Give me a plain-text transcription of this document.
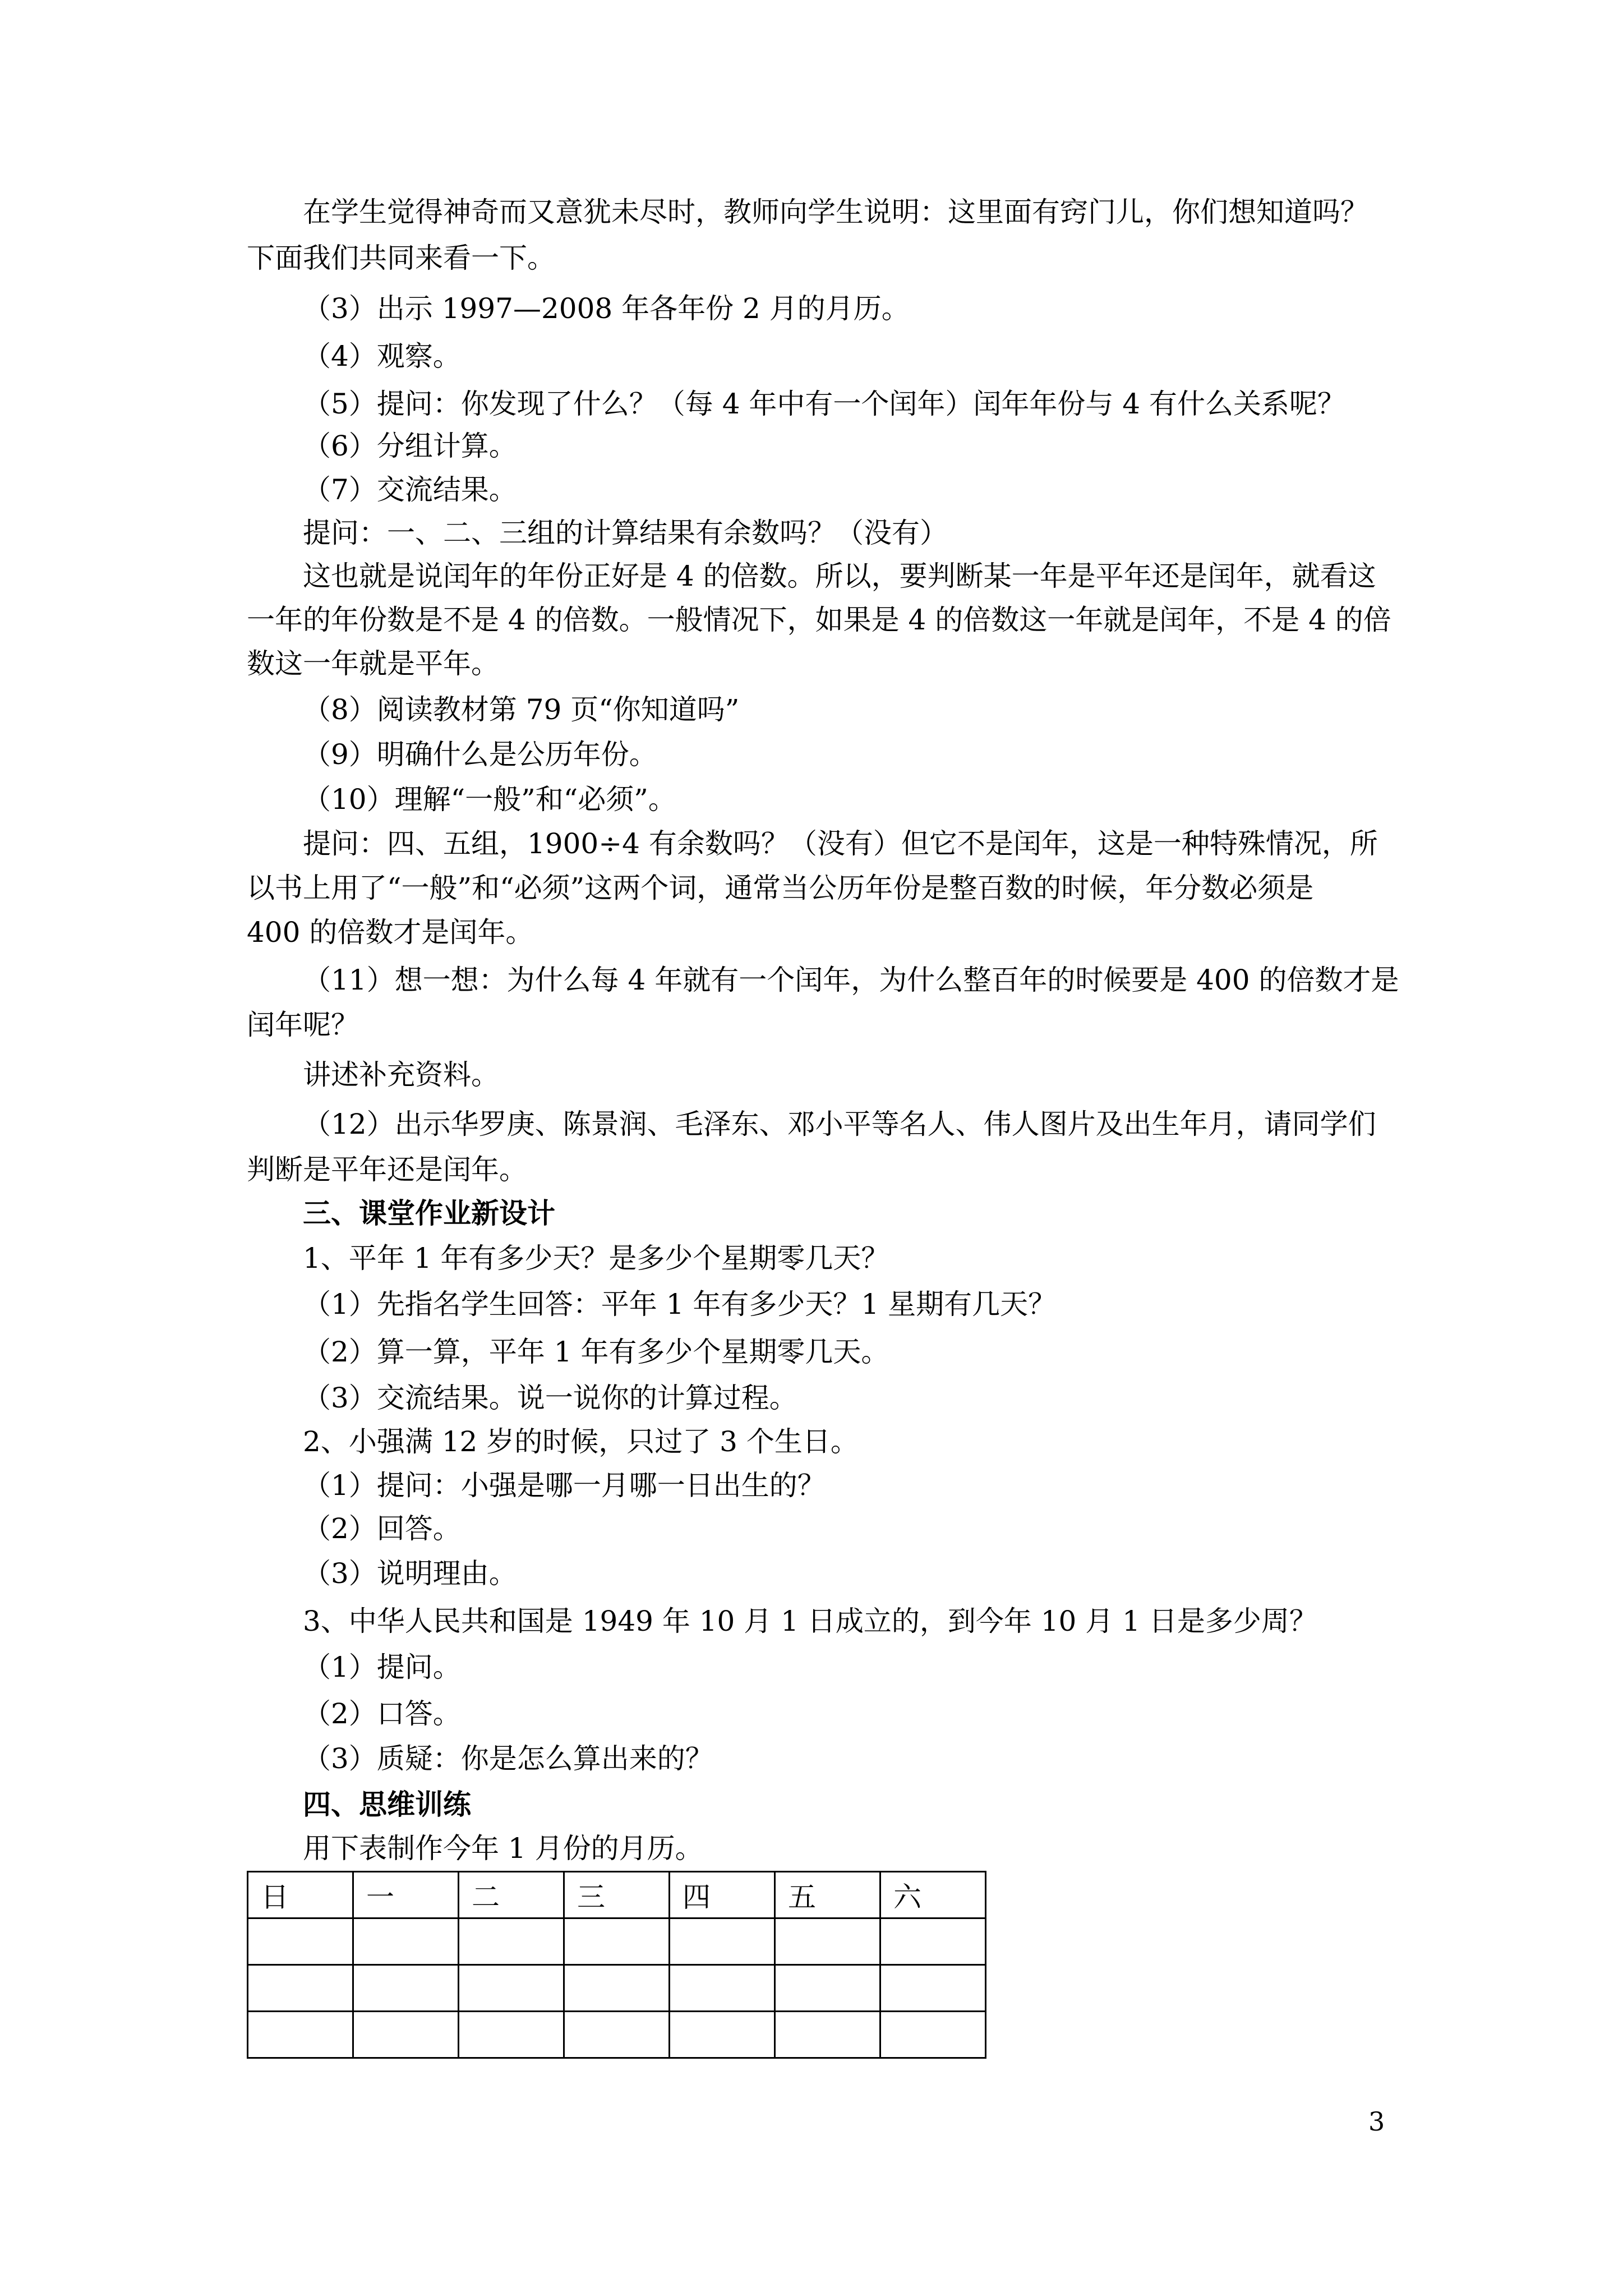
在学生觉得神奇而又意犹未尽时，教师向学生说明：这里面有窍门儿，你们想知道吗？
下面我们共同来看一下。
（3）出示 1997—2008 年各年份 2 月的月历。
（4）观察。
（5）提问：你发现了什么？（每 4 年中有一个闰年）闰年年份与 4 有什么关系呢？
（6）分组计算。
（7）交流结果。
提问：一、二、三组的计算结果有余数吗？（没有）
这也就是说闰年的年份正好是 4 的倍数。所以，要判断某一年是平年还是闰年，就看这
一年的年份数是不是 4 的倍数。一般情况下，如果是 4 的倍数这一年就是闰年，不是 4 的倍
数这一年就是平年。
（8）阅读教材第 79 页“你知道吗”
（9）明确什么是公历年份。
（10）理解“一般”和“必须”。
提问：四、五组，1900÷4 有余数吗？（没有）但它不是闰年，这是一种特殊情况，所
以书上用了“一般”和“必须”这两个词，通常当公历年份是整百数的时候，年分数必须是
400 的倍数才是闰年。
（11）想一想：为什么每 4 年就有一个闰年，为什么整百年的时候要是 400 的倍数才是
闰年呢？
讲述补充资料。
（12）出示华罗庚、陈景润、毛泽东、邓小平等名人、伟人图片及出生年月，请同学们
判断是平年还是闰年。
三、课堂作业新设计
1、平年 1 年有多少天？是多少个星期零几天？
（1）先指名学生回答：平年 1 年有多少天？1 星期有几天？
（2）算一算，平年 1 年有多少个星期零几天。
（3）交流结果。说一说你的计算过程。
2、小强满 12 岁的时候，只过了 3 个生日。
（1）提问：小强是哪一月哪一日出生的？
（2）回答。
（3）说明理由。
3、中华人民共和国是 1949 年 10 月 1 日成立的，到今年 10 月 1 日是多少周？
（1）提问。
（2）口答。
（3）质疑：你是怎么算出来的？
四、思维训练
用下表制作今年 1 月份的月历。
日	一	二	三	四	五	六

3
